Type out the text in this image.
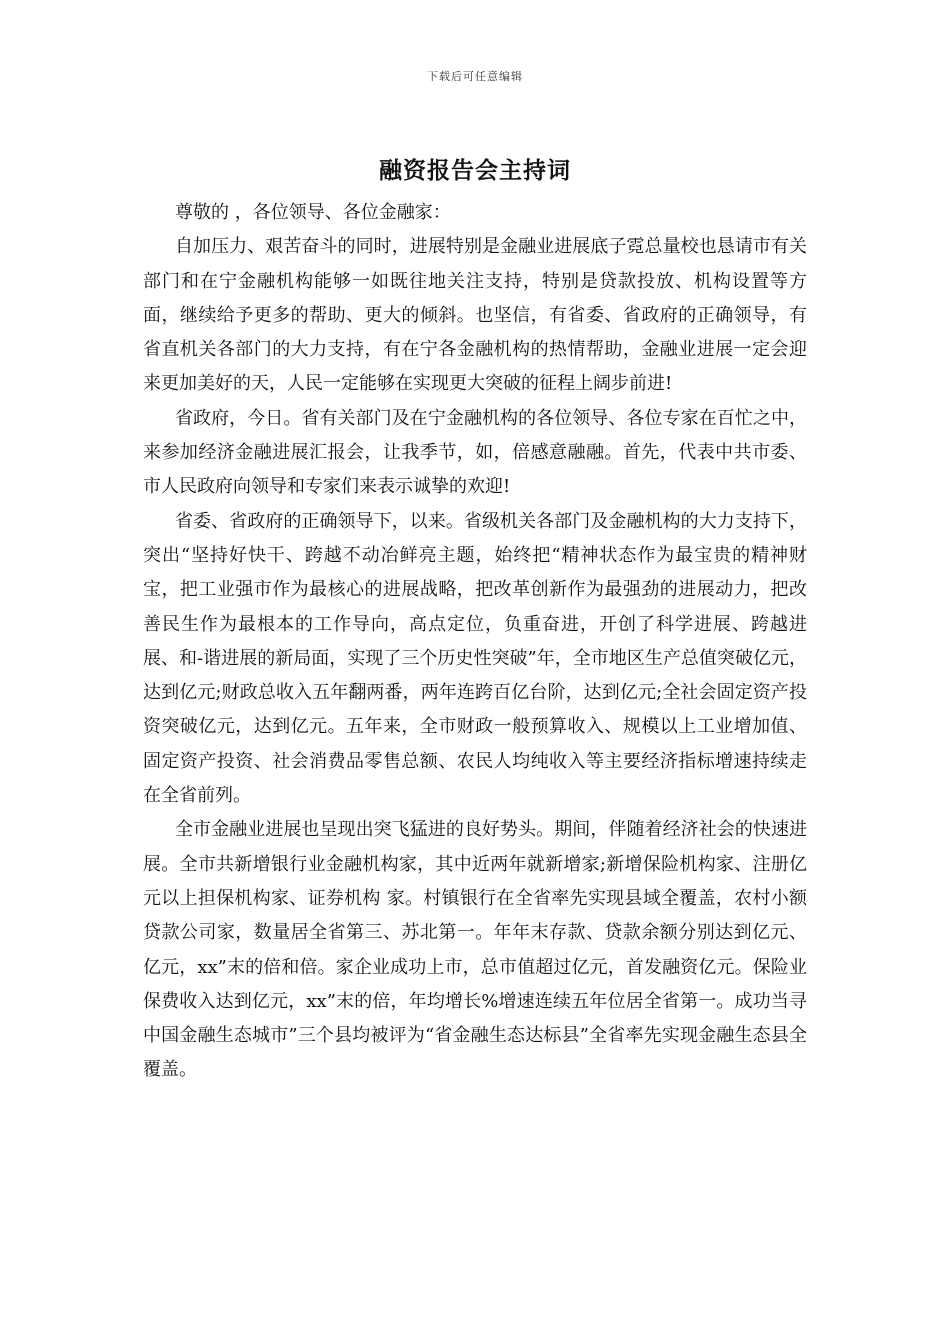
下载后可任意编辑
融资报告会主持词

尊敬的 ，各位领导、各位金融家：

自加压力、艰苦奋斗的同时，进展特别是金融业进展底子霓总量校也恳请市有关部门和在宁金融机构能够一如既往地关注支持，特别是贷款投放、机构设置等方面，继续给予更多的帮助、更大的倾斜。也坚信，有省委、省政府的正确领导，有省直机关各部门的大力支持，有在宁各金融机构的热情帮助，金融业进展一定会迎来更加美好的天，人民一定能够在实现更大突破的征程上阔步前进!

省政府，今日。省有关部门及在宁金融机构的各位领导、各位专家在百忙之中，来参加经济金融进展汇报会，让我季节，如，倍感意融融。首先，代表中共市委、市人民政府向领导和专家们来表示诚挚的欢迎!

省委、省政府的正确领导下，以来。省级机关各部门及金融机构的大力支持下，突出“坚持好快干、跨越不动冶鲜亮主题，始终把“精神状态作为最宝贵的精神财宝，把工业强市作为最核心的进展战略，把改革创新作为最强劲的进展动力，把改善民生作为最根本的工作导向，高点定位，负重奋进，开创了科学进展、跨越进展、和-谐进展的新局面，实现了三个历史性突破”年，全市地区生产总值突破亿元，达到亿元;财政总收入五年翻两番，两年连跨百亿台阶，达到亿元;全社会固定资产投资突破亿元，达到亿元。五年来，全市财政一般预算收入、规模以上工业增加值、固定资产投资、社会消费品零售总额、农民人均纯收入等主要经济指标增速持续走在全省前列。

全市金融业进展也呈现出突飞猛进的良好势头。期间，伴随着经济社会的快速进展。全市共新增银行业金融机构家，其中近两年就新增家;新增保险机构家、注册亿元以上担保机构家、证券机构 家。村镇银行在全省率先实现县域全覆盖，农村小额贷款公司家，数量居全省第三、苏北第一。年年末存款、贷款余额分别达到亿元、亿元，xx”末的倍和倍。家企业成功上市，总市值超过亿元，首发融资亿元。保险业保费收入达到亿元，xx”末的倍，年均增长%增速连续五年位居全省第一。成功当寻中国金融生态城市”三个县均被评为“省金融生态达标县”全省率先实现金融生态县全覆盖。
